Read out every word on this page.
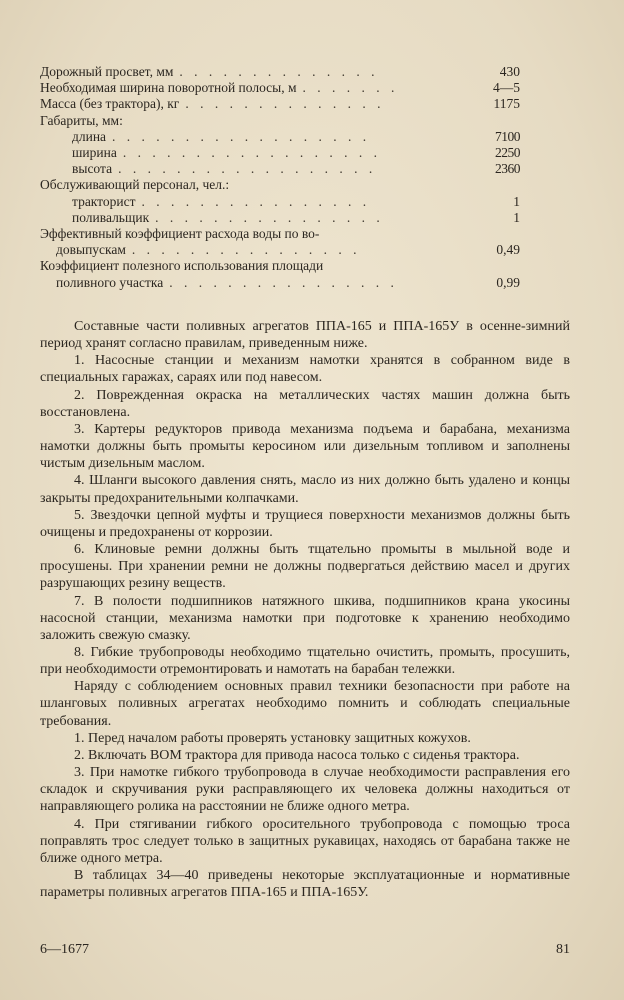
Дорожный просвет, мм . . . . . . . . . . . . . .	430
Необходимая ширина поворотной полосы, м . . . . . . .	4—5
Масса (без трактора), кг . . . . . . . . . . . . . .	1175
Габариты, мм:
длина . . . . . . . . . . . . . . . . . .	7100
ширина . . . . . . . . . . . . . . . . . .	2250
высота . . . . . . . . . . . . . . . . . .	2360
Обслуживающий персонал, чел.:
тракторист . . . . . . . . . . . . . . . .	1
поливальщик . . . . . . . . . . . . . . . .	1
Эффективный коэффициент расхода воды по во-
довыпускам . . . . . . . . . . . . . . . .	0,49
Коэффициент полезного использования площади
поливного участка . . . . . . . . . . . . . . . .	0,99

Составные части поливных агрегатов ППА-165 и ППА-165У в осенне-зимний период хранят согласно правилам, приведенным ниже.

1. Насосные станции и механизм намотки хранятся в собранном виде в специальных гаражах, сараях или под навесом.

2. Поврежденная окраска на металлических частях машин должна быть восстановлена.

3. Картеры редукторов привода механизма подъема и барабана, механизма намотки должны быть промыты керосином или дизельным топливом и заполнены чистым дизельным маслом.

4. Шланги высокого давления снять, масло из них должно быть удалено и концы закрыты предохранительными колпачками.

5. Звездочки цепной муфты и трущиеся поверхности механизмов должны быть очищены и предохранены от коррозии.

6. Клиновые ремни должны быть тщательно промыты в мыльной воде и просушены. При хранении ремни не должны подвергаться действию масел и других разрушающих резину веществ.

7. В полости подшипников натяжного шкива, подшипников крана укосины насосной станции, механизма намотки при подготовке к хранению необходимо заложить свежую смазку.

8. Гибкие трубопроводы необходимо тщательно очистить, промыть, просушить, при необходимости отремонтировать и намотать на барабан тележки.

Наряду с соблюдением основных правил техники безопасности при работе на шланговых поливных агрегатах необходимо помнить и соблюдать специальные требования.

1. Перед началом работы проверять установку защитных кожухов.

2. Включать ВОМ трактора для привода насоса только с сиденья трактора.

3. При намотке гибкого трубопровода в случае необходимости расправления его складок и скручивания руки расправляющего их человека должны находиться от направляющего ролика на расстоянии не ближе одного метра.

4. При стягивании гибкого оросительного трубопровода с помощью троса поправлять трос следует только в защитных рукавицах, находясь от барабана также не ближе одного метра.

В таблицах 34—40 приведены некоторые эксплуатационные и нормативные параметры поливных агрегатов ППА-165 и ППА-165У.

6—1677	81
